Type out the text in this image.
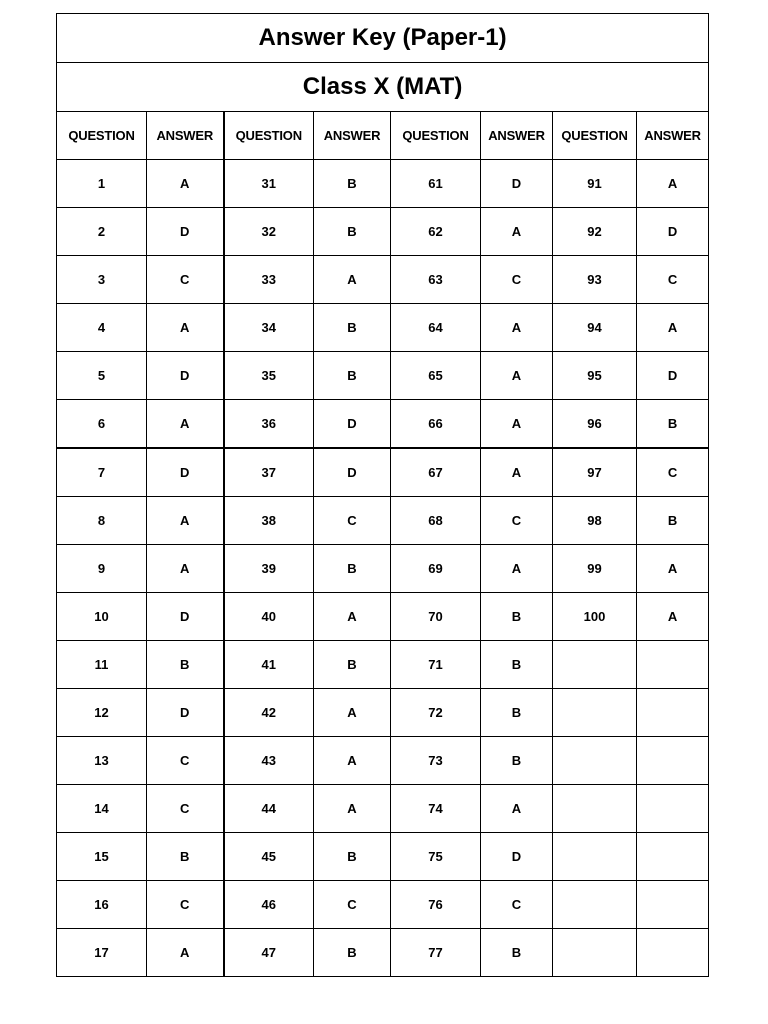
Answer Key (Paper-1)							
Class X (MAT)							
QUESTION	ANSWER	QUESTION	ANSWER	QUESTION	ANSWER	QUESTION	ANSWER
1	A	31	B	61	D	91	A
2	D	32	B	62	A	92	D
3	C	33	A	63	C	93	C
4	A	34	B	64	A	94	A
5	D	35	B	65	A	95	D
6	A	36	D	66	A	96	B
7	D	37	D	67	A	97	C
8	A	38	C	68	C	98	B
9	A	39	B	69	A	99	A
10	D	40	A	70	B	100	A
11	B	41	B	71	B		
12	D	42	A	72	B		
13	C	43	A	73	B		
14	C	44	A	74	A		
15	B	45	B	75	D		
16	C	46	C	76	C		
17	A	47	B	77	B		
